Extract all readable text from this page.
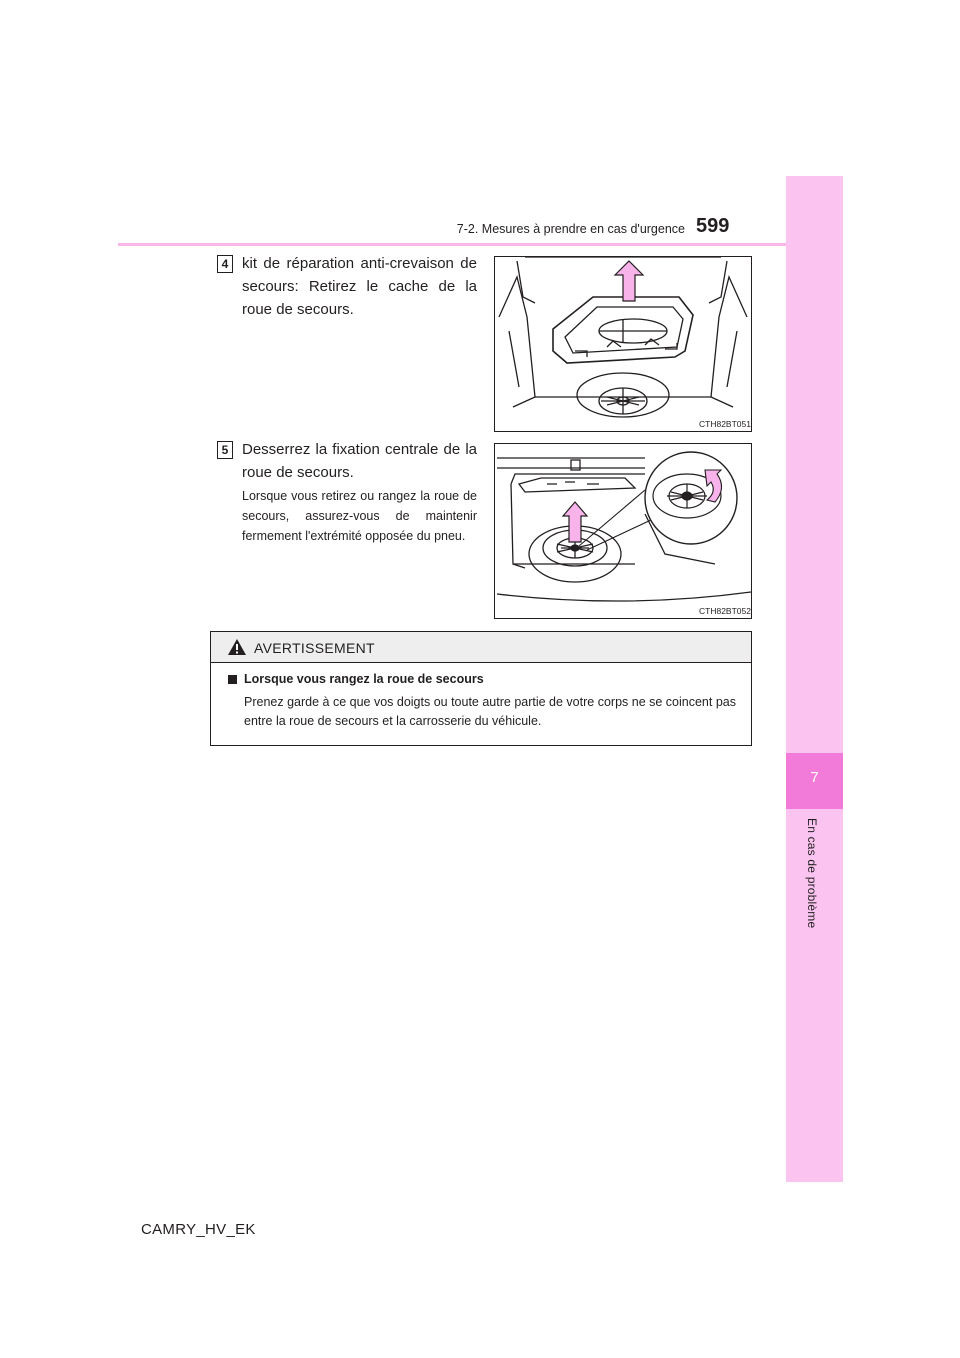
7
En cas de problème
7-2. Mesures à prendre en cas d'urgence 599
4 kit de réparation anti-crevaison de secours: Retirez le cache de la roue de secours.
CTH82BT051
5 Desserrez la fixation centrale de la roue de secours.
Lorsque vous retirez ou rangez la roue de secours, assurez-vous de maintenir fermement l'extrémité opposée du pneu.
CTH82BT052
AVERTISSEMENT
Lorsque vous rangez la roue de secours
Prenez garde à ce que vos doigts ou toute autre partie de votre corps ne se coincent pas entre la roue de secours et la carrosserie du véhicule.
CAMRY_HV_EK
